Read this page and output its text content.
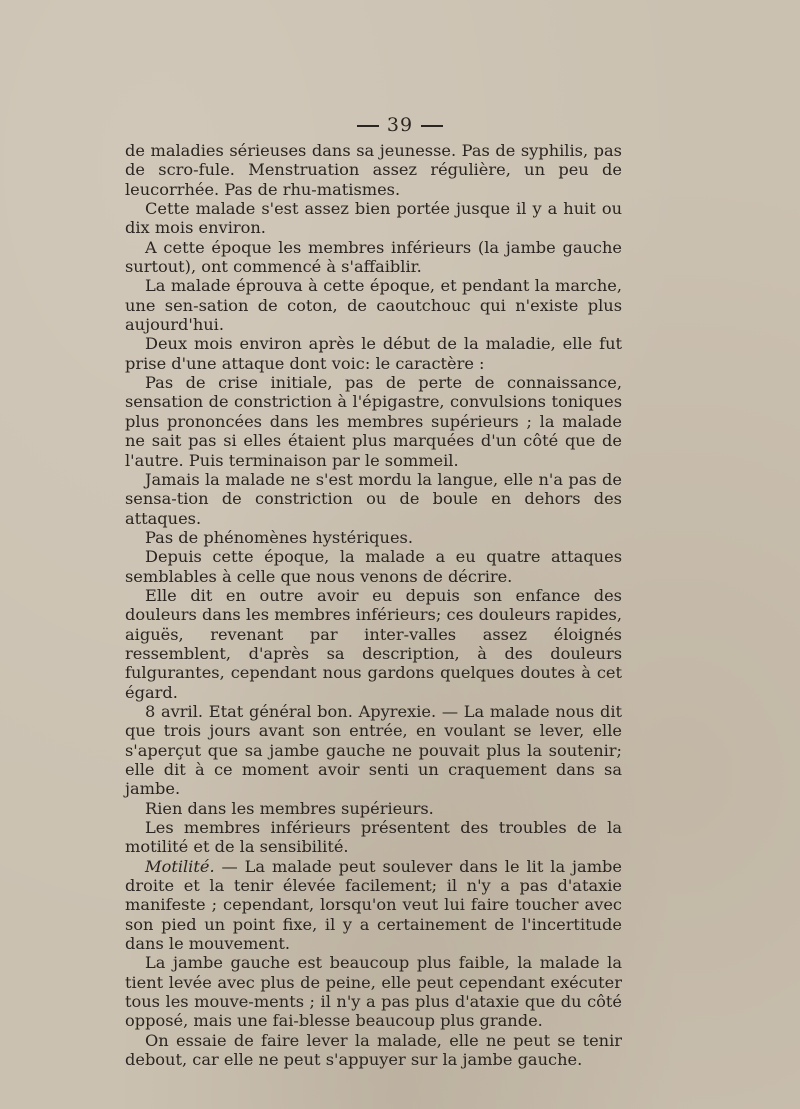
39

de maladies sérieuses dans sa jeunesse. Pas de syphilis, pas de scro-fule. Menstruation assez régulière, un peu de leucorrhée. Pas de rhu-matismes.

Cette malade s'est assez bien portée jusque il y a huit ou dix mois environ.

A cette époque les membres inférieurs (la jambe gauche surtout), ont commencé à s'affaiblir.

La malade éprouva à cette époque, et pendant la marche, une sen-sation de coton, de caoutchouc qui n'existe plus aujourd'hui.

Deux mois environ après le début de la maladie, elle fut prise d'une attaque dont voic: le caractère :

Pas de crise initiale, pas de perte de connaissance, sensation de constriction à l'épigastre, convulsions toniques plus prononcées dans les membres supérieurs ; la malade ne sait pas si elles étaient plus marquées d'un côté que de l'autre. Puis terminaison par le sommeil.

Jamais la malade ne s'est mordu la langue, elle n'a pas de sensa-tion de constriction ou de boule en dehors des attaques.

Pas de phénomènes hystériques.

Depuis cette époque, la malade a eu quatre attaques semblables à celle que nous venons de décrire.

Elle dit en outre avoir eu depuis son enfance des douleurs dans les membres inférieurs; ces douleurs rapides, aiguës, revenant par inter-valles assez éloignés ressemblent, d'après sa description, à des douleurs fulgurantes, cependant nous gardons quelques doutes à cet égard.

8 avril. Etat général bon. Apyrexie. — La malade nous dit que trois jours avant son entrée, en voulant se lever, elle s'aperçut que sa jambe gauche ne pouvait plus la soutenir; elle dit à ce moment avoir senti un craquement dans sa jambe.

Rien dans les membres supérieurs.

Les membres inférieurs présentent des troubles de la motilité et de la sensibilité.

Motilité. — La malade peut soulever dans le lit la jambe droite et la tenir élevée facilement; il n'y a pas d'ataxie manifeste ; cependant, lorsqu'on veut lui faire toucher avec son pied un point fixe, il y a certainement de l'incertitude dans le mouvement.

La jambe gauche est beaucoup plus faible, la malade la tient levée avec plus de peine, elle peut cependant exécuter tous les mouve-ments ; il n'y a pas plus d'ataxie que du côté opposé, mais une fai-blesse beaucoup plus grande.

On essaie de faire lever la malade, elle ne peut se tenir debout, car elle ne peut s'appuyer sur la jambe gauche.
